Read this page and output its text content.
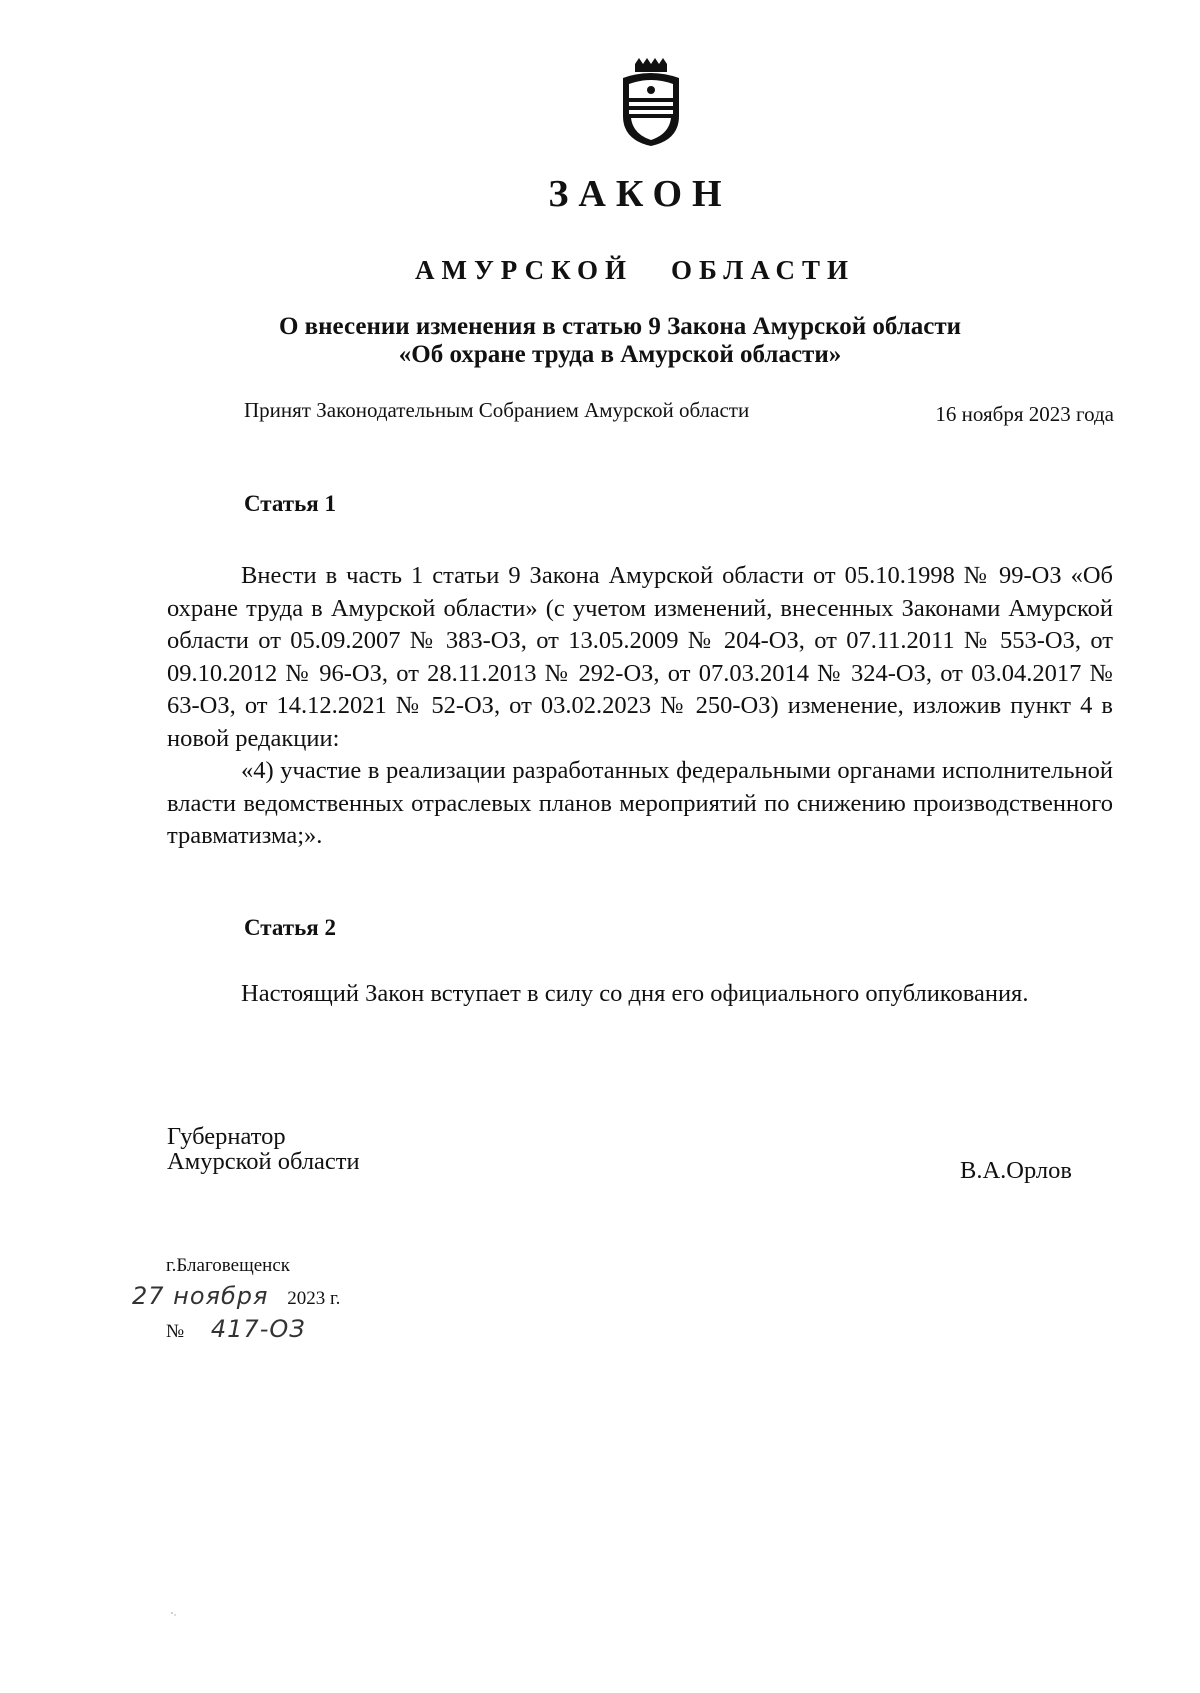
ЗАКОН
АМУРСКОЙ ОБЛАСТИ
О внесении изменения в статью 9 Закона Амурской области
«Об охране труда в Амурской области»
Принят Законодательным Собранием Амурской области	16 ноября 2023 года
Статья 1

Внести в часть 1 статьи 9 Закона Амурской области от 05.10.1998 № 99-ОЗ «Об охране труда в Амурской области» (с учетом изменений, внесенных Законами Амурской области от 05.09.2007 № 383-ОЗ, от 13.05.2009 № 204-ОЗ, от 07.11.2011 № 553-ОЗ, от 09.10.2012 № 96-ОЗ, от 28.11.2013 № 292-ОЗ, от 07.03.2014 № 324-ОЗ, от 03.04.2017 № 63-ОЗ, от 14.12.2021 № 52-ОЗ, от 03.02.2023 № 250-ОЗ) изменение, изложив пункт 4 в новой редакции:

«4) участие в реализации разработанных федеральными органами исполнительной власти ведомственных отраслевых планов мероприятий по снижению производственного травматизма;».

Статья 2

Настоящий Закон вступает в силу со дня его официального опубликования.

Губернатор
Амурской области	В.А.Орлов
г.Благовещенск
27 ноября 2023 г.
№ 417-ОЗ
